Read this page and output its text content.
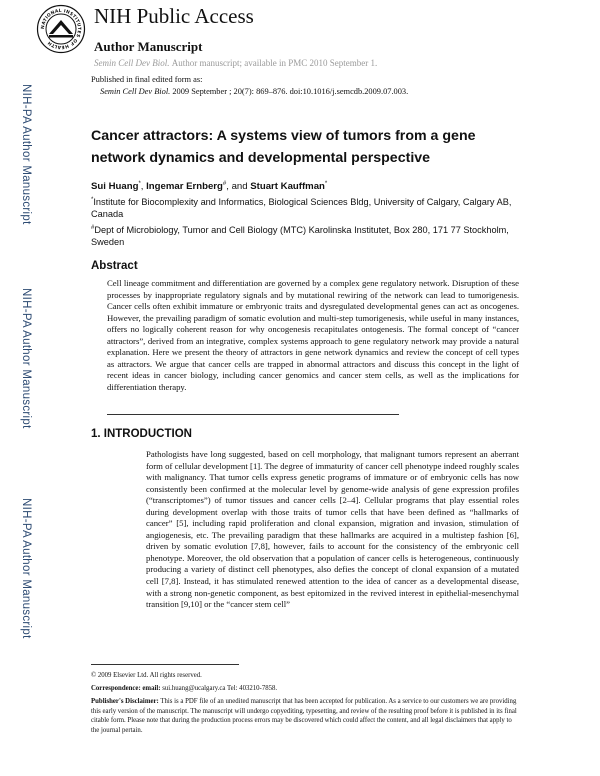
NATIONAL INSTITUTES OF HEALTH
NIH Public Access
Author Manuscript
Semin Cell Dev Biol. Author manuscript; available in PMC 2010 September 1.
Published in final edited form as:
Semin Cell Dev Biol. 2009 September ; 20(7): 869–876. doi:10.1016/j.semcdb.2009.07.003.
NIH-PA Author Manuscript
NIH-PA Author Manuscript
NIH-PA Author Manuscript
Cancer attractors: A systems view of tumors from a gene network dynamics and developmental perspective
Sui Huang*, Ingemar Ernberg#, and Stuart Kauffman*
*Institute for Biocomplexity and Informatics, Biological Sciences Bldg, University of Calgary, Calgary AB, Canada
#Dept of Microbiology, Tumor and Cell Biology (MTC) Karolinska Institutet, Box 280, 171 77 Stockholm, Sweden
Abstract
Cell lineage commitment and differentiation are governed by a complex gene regulatory network. Disruption of these processes by inappropriate regulatory signals and by mutational rewiring of the network can lead to tumorigenesis. Cancer cells often exhibit immature or embryonic traits and dysregulated developmental genes can act as oncogenes. However, the prevailing paradigm of somatic evolution and multi-step tumorigenesis, while useful in many instances, offers no logically coherent reason for why oncogenesis recapitulates ontogenesis. The formal concept of “cancer attractors”, derived from an integrative, complex systems approach to gene regulatory network may provide a natural explanation. Here we present the theory of attractors in gene network dynamics and review the concept of cell types as attractors. We argue that cancer cells are trapped in abnormal attractors and discuss this concept in the light of recent ideas in cancer biology, including cancer genomics and cancer stem cells, as well as the implications for differentiation therapy.
1. INTRODUCTION
Pathologists have long suggested, based on cell morphology, that malignant tumors represent an aberrant form of cellular development [1]. The degree of immaturity of cancer cell phenotype indeed roughly scales with malignancy. That tumor cells express genetic programs of immature or of embryonic cells has now consistently been confirmed at the molecular level by genome-wide analysis of gene expression profiles (“transcriptomes”) of tumor tissues and cancer cells [2–4]. Cellular programs that play essential roles during development overlap with those traits of tumor cells that have been defined as “hallmarks of cancer” [5], including rapid proliferation and clonal expansion, migration and invasion, stimulation of angiogenesis, etc. The prevailing paradigm that these hallmarks are acquired in a multistep fashion [6], driven by somatic evolution [7,8], however, fails to account for the consistency of the embryonic cell phenotype. Moreover, the old observation that a population of cancer cells is heterogeneous, continuously producing a variety of distinct cell phenotypes, also defies the concept of clonal expansion of a mutated cell [7,8]. Instead, it has stimulated renewed attention to the idea of cancer as a developmental disease, with a strong non-genetic component, as best epitomized in the revived interest in epithelial-mesenchymal transition [9,10] or the “cancer stem cell”
© 2009 Elsevier Ltd. All rights reserved.
Correspondence: email: sui.huang@ucalgary.ca Tel: 403210-7858.
Publisher's Disclaimer: This is a PDF file of an unedited manuscript that has been accepted for publication. As a service to our customers we are providing this early version of the manuscript. The manuscript will undergo copyediting, typesetting, and review of the resulting proof before it is published in its final citable form. Please note that during the production process errors may be discovered which could affect the content, and all legal disclaimers that apply to the journal pertain.
